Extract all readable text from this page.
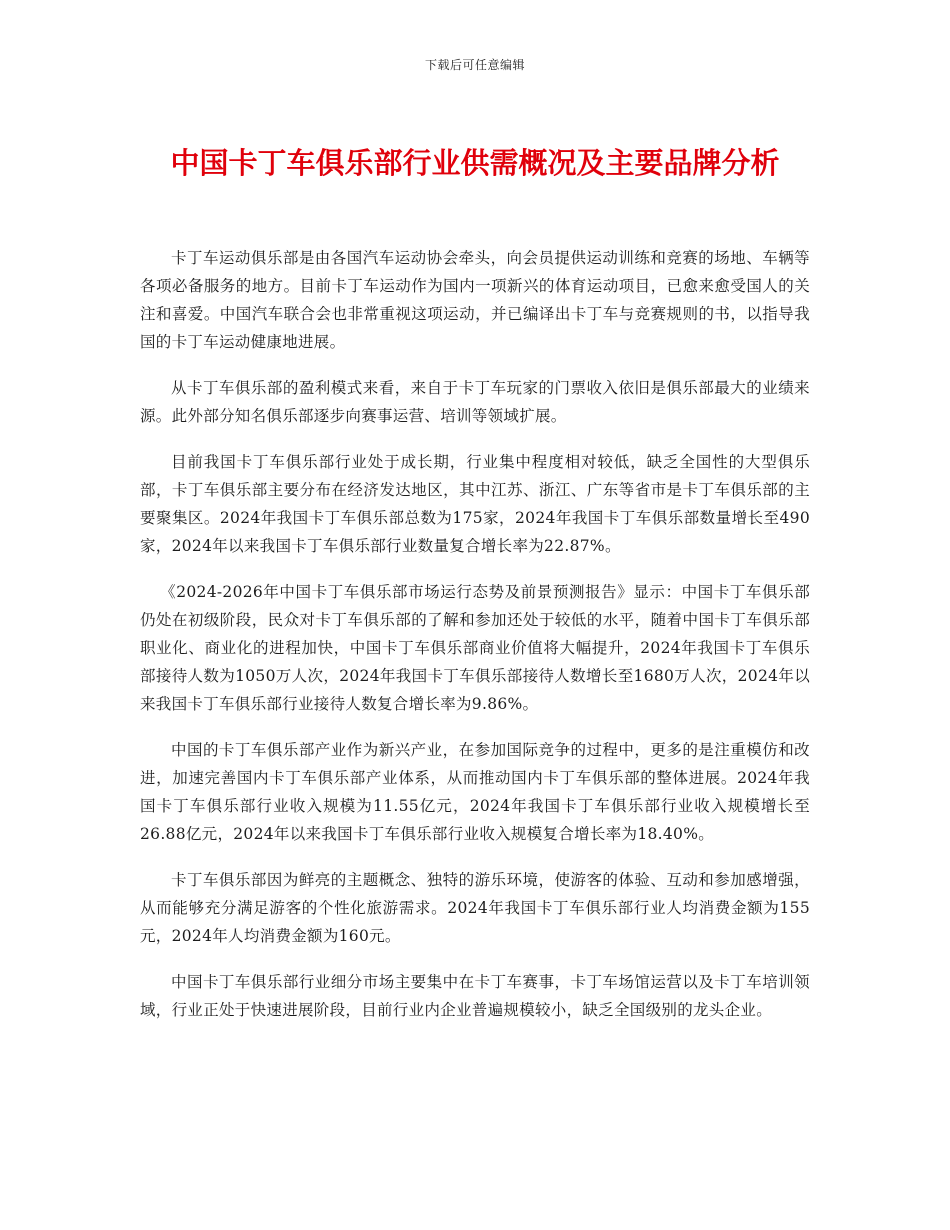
下载后可任意编辑
中国卡丁车俱乐部行业供需概况及主要品牌分析

卡丁车运动俱乐部是由各国汽车运动协会牵头，向会员提供运动训练和竞赛的场地、车辆等各项必备服务的地方。目前卡丁车运动作为国内一项新兴的体育运动项目，已愈来愈受国人的关注和喜爱。中国汽车联合会也非常重视这项运动，并已编译出卡丁车与竞赛规则的书，以指导我国的卡丁车运动健康地进展。

从卡丁车俱乐部的盈利模式来看，来自于卡丁车玩家的门票收入依旧是俱乐部最大的业绩来源。此外部分知名俱乐部逐步向赛事运营、培训等领域扩展。

目前我国卡丁车俱乐部行业处于成长期，行业集中程度相对较低，缺乏全国性的大型俱乐部，卡丁车俱乐部主要分布在经济发达地区，其中江苏、浙江、广东等省市是卡丁车俱乐部的主要聚集区。2024年我国卡丁车俱乐部总数为175家，2024年我国卡丁车俱乐部数量增长至490家，2024年以来我国卡丁车俱乐部行业数量复合增长率为22.87%。

《2024-2026年中国卡丁车俱乐部市场运行态势及前景预测报告》显示：中国卡丁车俱乐部仍处在初级阶段，民众对卡丁车俱乐部的了解和参加还处于较低的水平，随着中国卡丁车俱乐部职业化、商业化的进程加快，中国卡丁车俱乐部商业价值将大幅提升，2024年我国卡丁车俱乐部接待人数为1050万人次，2024年我国卡丁车俱乐部接待人数增长至1680万人次，2024年以来我国卡丁车俱乐部行业接待人数复合增长率为9.86%。

中国的卡丁车俱乐部产业作为新兴产业，在参加国际竞争的过程中，更多的是注重模仿和改进，加速完善国内卡丁车俱乐部产业体系，从而推动国内卡丁车俱乐部的整体进展。2024年我国卡丁车俱乐部行业收入规模为11.55亿元，2024年我国卡丁车俱乐部行业收入规模增长至26.88亿元，2024年以来我国卡丁车俱乐部行业收入规模复合增长率为18.40%。

卡丁车俱乐部因为鲜亮的主题概念、独特的游乐环境，使游客的体验、互动和参加感增强，从而能够充分满足游客的个性化旅游需求。2024年我国卡丁车俱乐部行业人均消费金额为155元，2024年人均消费金额为160元。

中国卡丁车俱乐部行业细分市场主要集中在卡丁车赛事，卡丁车场馆运营以及卡丁车培训领域，行业正处于快速进展阶段，目前行业内企业普遍规模较小，缺乏全国级别的龙头企业。
